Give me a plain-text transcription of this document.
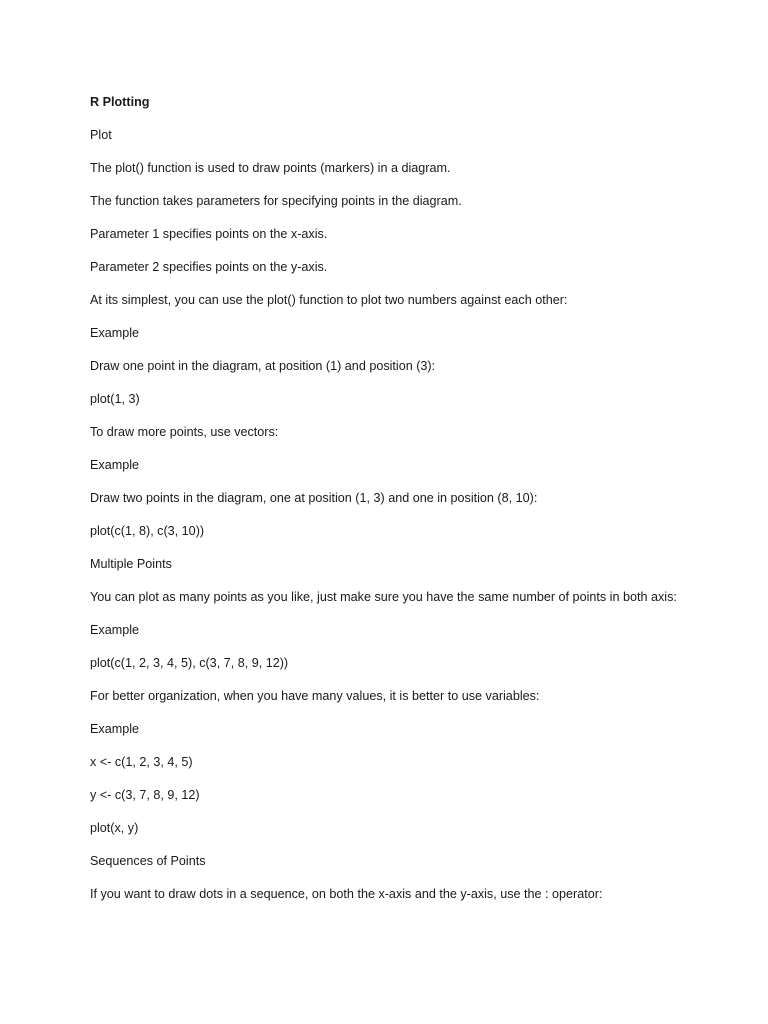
R Plotting
Plot
The plot() function is used to draw points (markers) in a diagram.
The function takes parameters for specifying points in the diagram.
Parameter 1 specifies points on the x-axis.
Parameter 2 specifies points on the y-axis.
At its simplest, you can use the plot() function to plot two numbers against each other:
Example
Draw one point in the diagram, at position (1) and position (3):
plot(1, 3)
To draw more points, use vectors:
Example
Draw two points in the diagram, one at position (1, 3) and one in position (8, 10):
plot(c(1, 8), c(3, 10))
Multiple Points
You can plot as many points as you like, just make sure you have the same number of points in both axis:
Example
plot(c(1, 2, 3, 4, 5), c(3, 7, 8, 9, 12))
For better organization, when you have many values, it is better to use variables:
Example
x <- c(1, 2, 3, 4, 5)
y <- c(3, 7, 8, 9, 12)
plot(x, y)
Sequences of Points
If you want to draw dots in a sequence, on both the x-axis and the y-axis, use the : operator:
